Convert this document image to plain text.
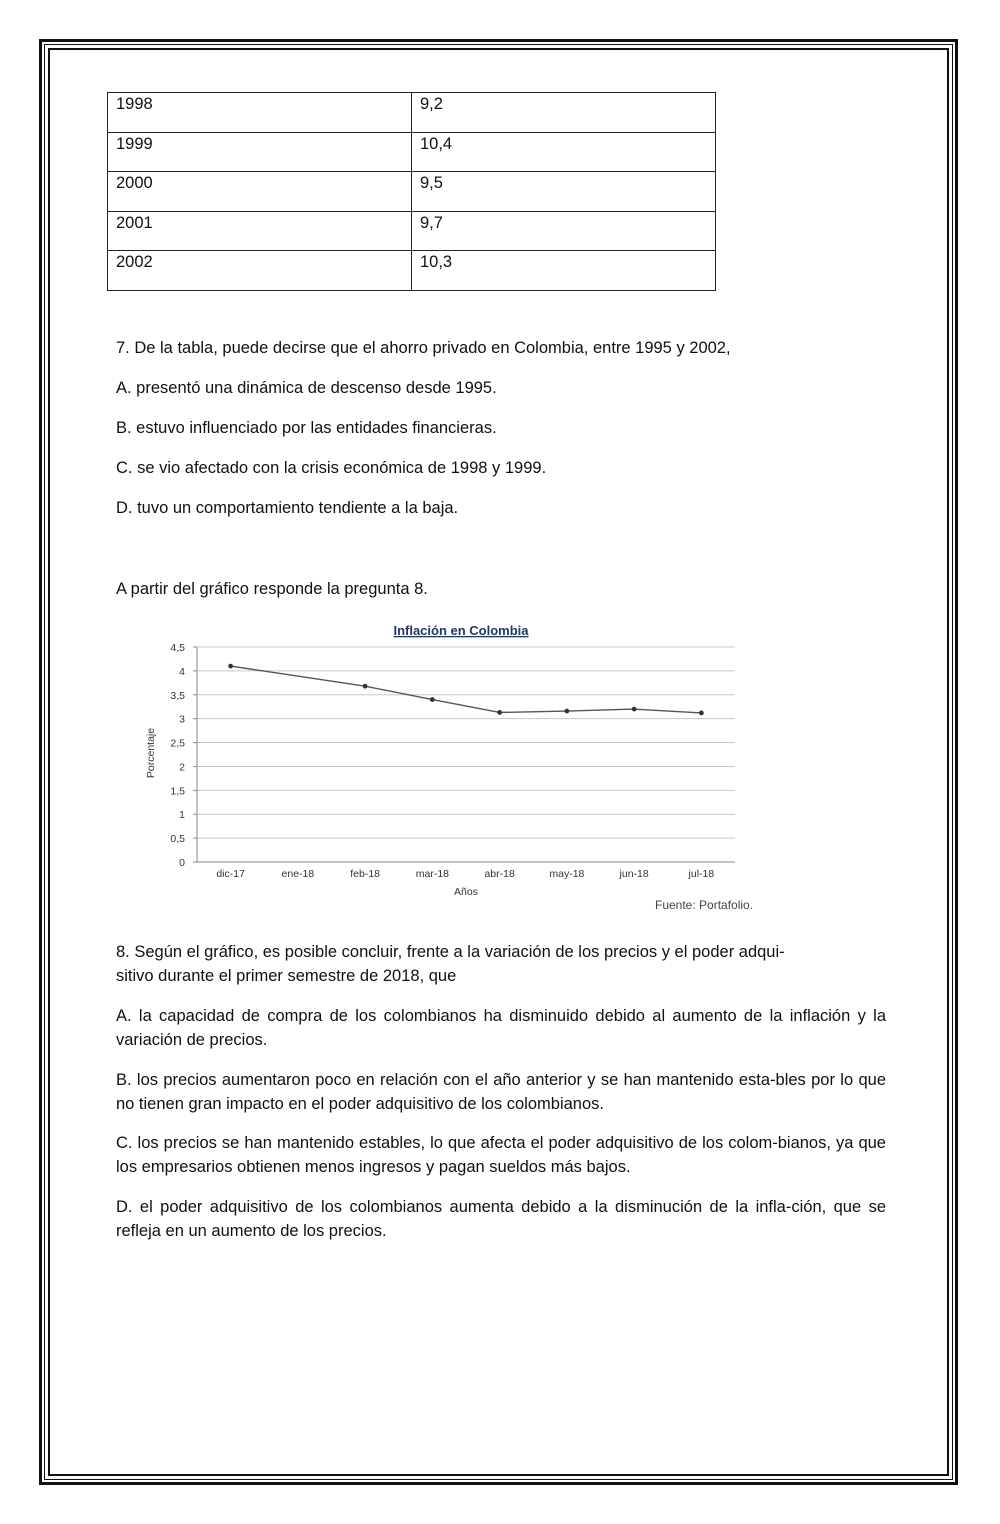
1998	9,2
1999	10,4
2000	9,5
2001	9,7
2002	10,3

7. De la tabla, puede decirse que el ahorro privado en Colombia, entre 1995 y 2002,

A. presentó una dinámica de descenso desde 1995.

B. estuvo influenciado por las entidades financieras.

C. se vio afectado con la crisis económica de 1998 y 1999.

D. tuvo un comportamiento tendiente a la baja.

A partir del gráfico responde la pregunta 8.

Inflación en Colombia
Porcentaje
Años
0
0,5
1
1,5
2
2,5
3
3,5
4
4,5
dic-17	ene-18	feb-18	mar-18	abr-18	may-18	jun-18	jul-18
Fuente: Portafolio.

8. Según el gráfico, es posible concluir, frente a la variación de los precios y el poder adqui-
sitivo durante el primer semestre de 2018, que

A. la capacidad de compra de los colombianos ha disminuido debido al aumento de la inflación y la variación de precios.

B. los precios aumentaron poco en relación con el año anterior y se han mantenido esta-bles por lo que no tienen gran impacto en el poder adquisitivo de los colombianos.

C. los precios se han mantenido estables, lo que afecta el poder adquisitivo de los colom-bianos, ya que los empresarios obtienen menos ingresos y pagan sueldos más bajos.

D. el poder adquisitivo de los colombianos aumenta debido a la disminución de la infla-ción, que se refleja en un aumento de los precios.
